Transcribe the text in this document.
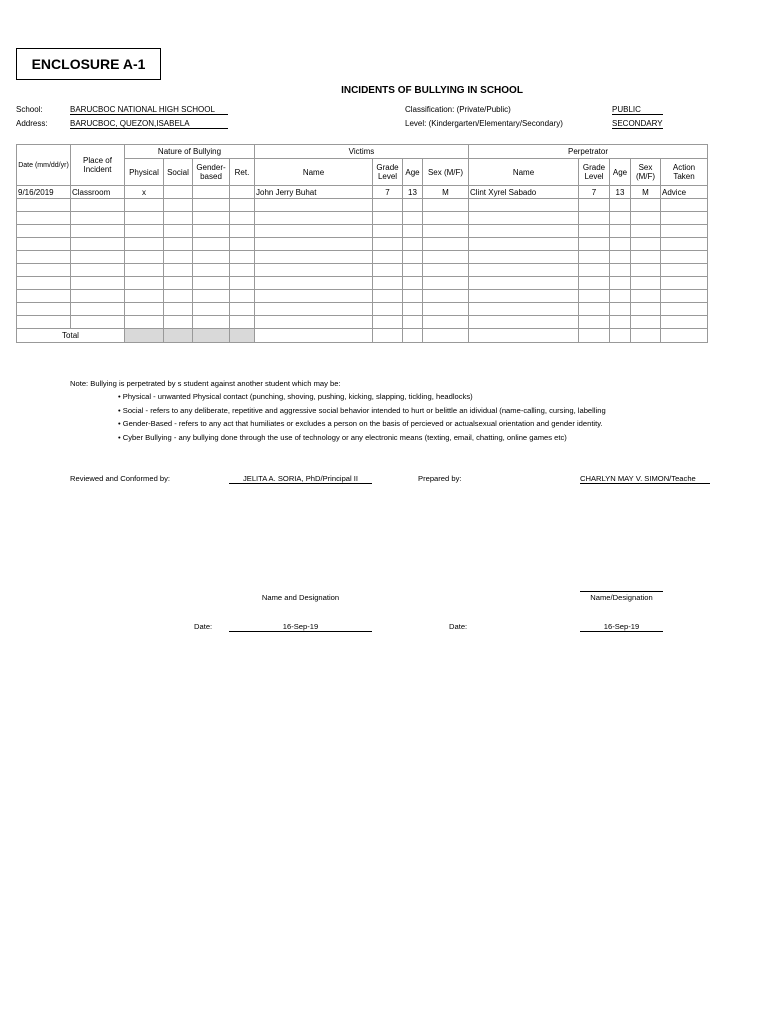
ENCLOSURE A-1
INCIDENTS OF BULLYING IN SCHOOL
School:	BARUCBOC NATIONAL HIGH SCHOOL
Address:	BARUCBOC, QUEZON,ISABELA
Classification: (Private/Public)	PUBLIC
Level: (Kindergarten/Elementary/Secondary)	SECONDARY
Date (mm/dd/yr)	Place of Incident	Nature of Bullying				Victims				Perpetrator				
		Physical	Social	Gender-based	Ret.	Name	Grade Level	Age	Sex (M/F)	Name	Grade Level	Age	Sex (M/F)	Action Taken
9/16/2019	Classroom	x				John Jerry Buhat	7	13	M	Clint Xyrel Sabado	7	13	M	Advice

Total														
Note: Bullying is perpetrated by s student against another student which may be:
• Physical - unwanted Physical contact (punching, shoving, pushing, kicking, slapping, tickling, headlocks)
• Social - refers to any deliberate, repetitive and aggressive social behavior intended to hurt or belittle an idividual (name-calling, cursing, labelling
• Gender-Based - refers to any act that humiliates or excludes a person on the basis of percieved or actualsexual orientation and gender identity.
• Cyber Bullying - any bullying done through the use of technology or any electronic means (texting, email, chatting, online games etc)
Reviewed and Conformed by:	JELITA A. SORIA, PhD/Principal II	Prepared by:	CHARLYN MAY V. SIMON/Teache
Name and Designation	Name/Designation
Date:	16-Sep-19	Date:	16-Sep-19
